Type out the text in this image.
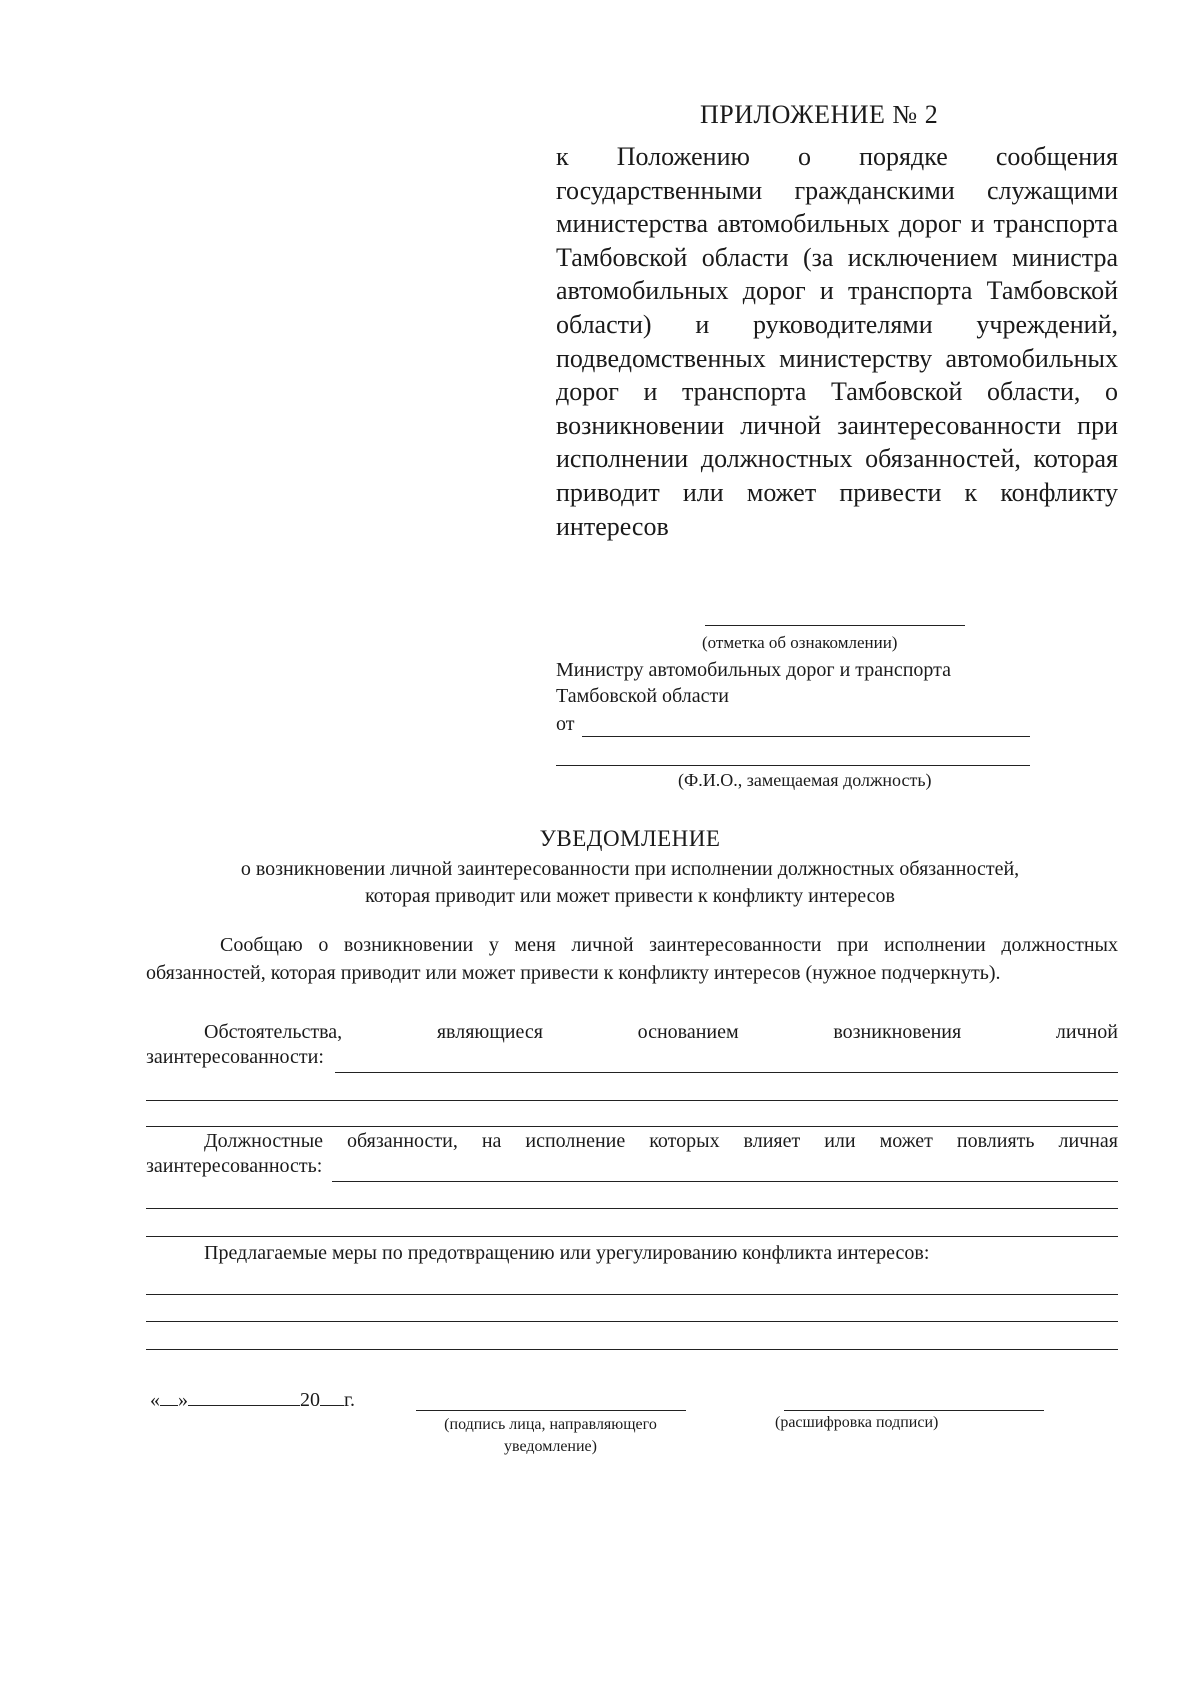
ПРИЛОЖЕНИЕ № 2
к Положению о порядке сообщения государственными гражданскими служащими министерства автомобильных дорог и транспорта Тамбовской области (за исключением министра автомобильных дорог и транспорта Тамбовской области) и руководителями учреждений, подведомственных министерству автомобильных дорог и транспорта Тамбовской области, о возникновении личной заинтересованности при исполнении должностных обязанностей, которая приводит или может привести к конфликту интересов
(отметка об ознакомлении)
Министру автомобильных дорог и транспорта
Тамбовской области
от
(Ф.И.О., замещаемая должность)
УВЕДОМЛЕНИЕ
о возникновении личной заинтересованности при исполнении должностных обязанностей,
которая приводит или может привести к конфликту интересов
Сообщаю о возникновении у меня личной заинтересованности при исполнении должностных обязанностей, которая приводит или может привести к конфликту интересов (нужное подчеркнуть).
Обстоятельства, являющиеся основанием возникновения личной
заинтересованности:
Должностные обязанности, на исполнение которых влияет или может повлиять личная
заинтересованность:
Предлагаемые меры по предотвращению или урегулированию конфликта интересов:
« »	20 г.
(подпись лица, направляющего уведомление)
(расшифровка подписи)
